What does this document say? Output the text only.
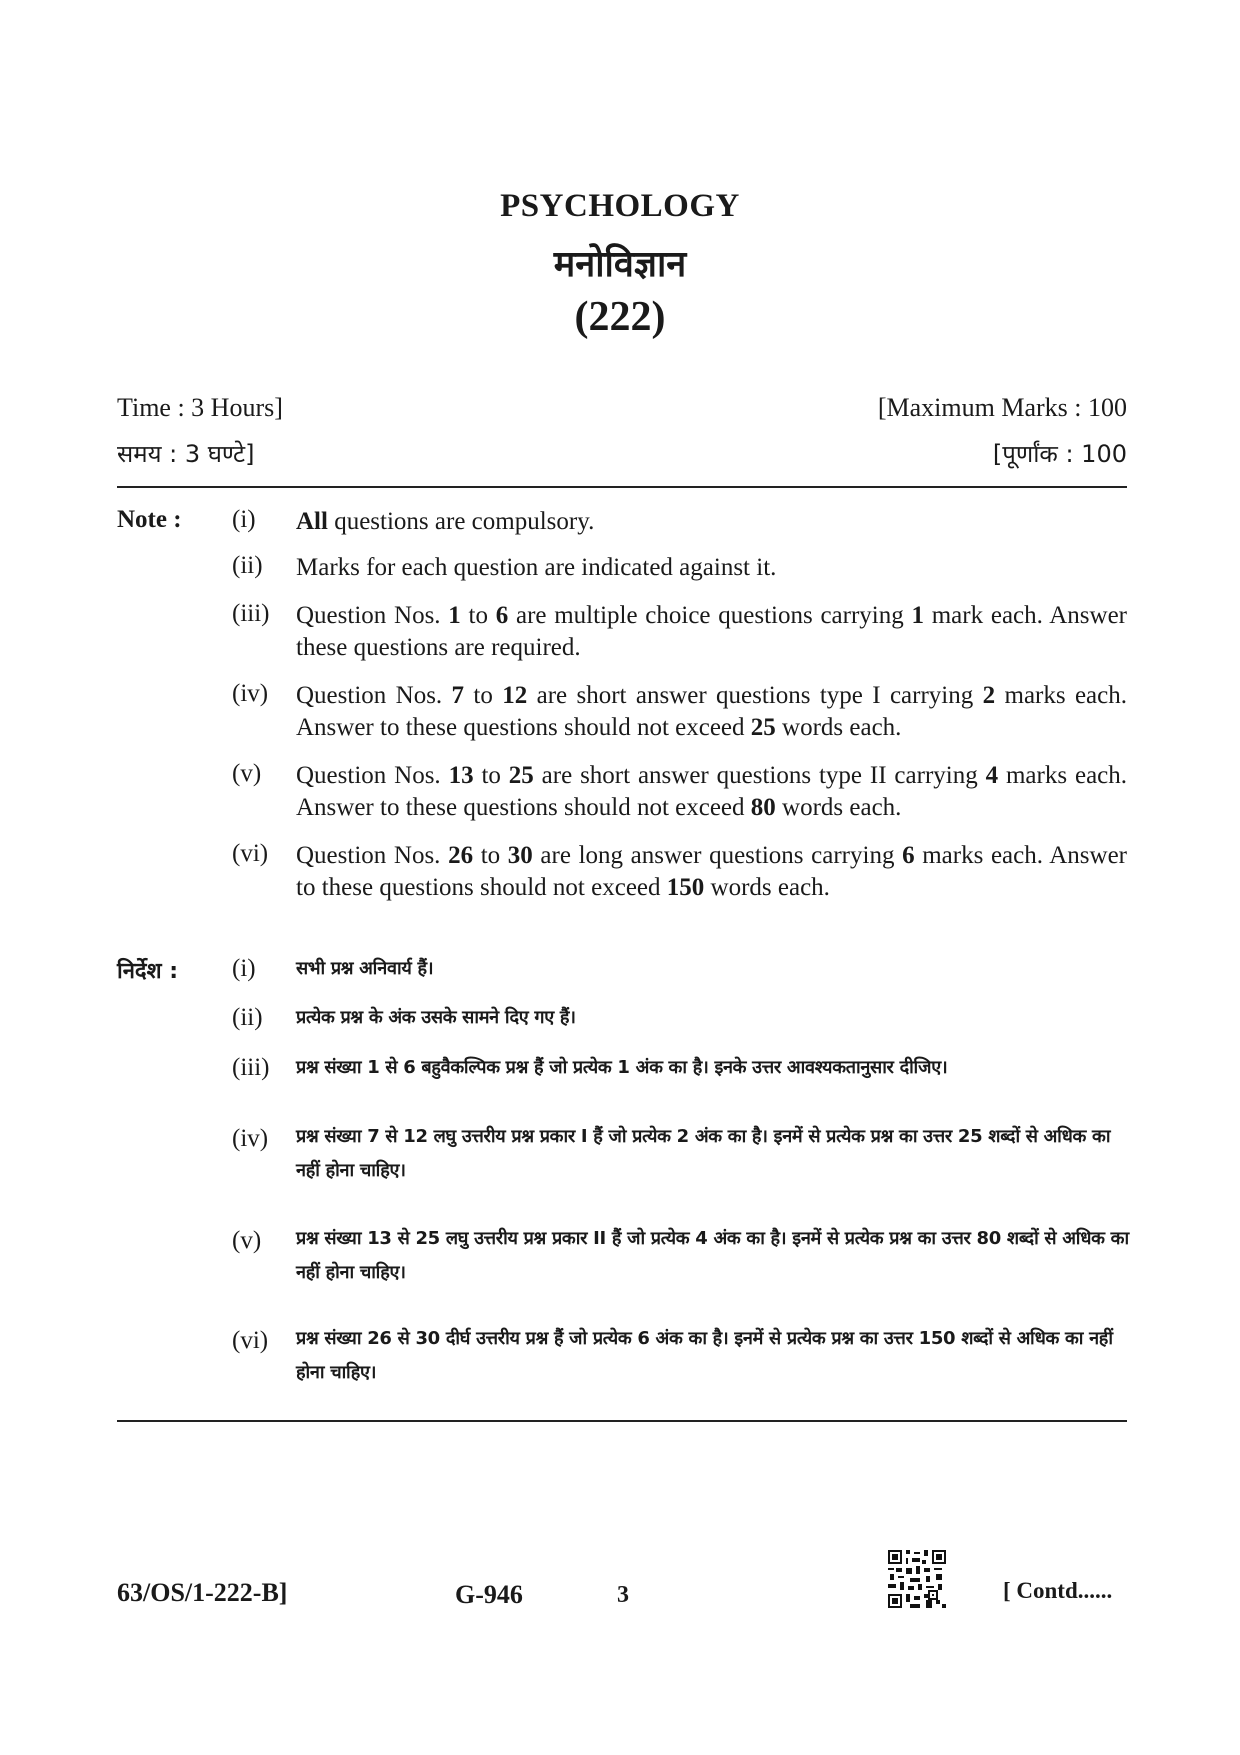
PSYCHOLOGY
मनोविज्ञान
(222)
Time : 3 Hours]	[Maximum Marks : 100
समय : 3 घण्टे]	[पूर्णांक : 100
Note : (i)	All questions are compulsory.
(ii)	Marks for each question are indicated against it.
(iii)	Question Nos. 1 to 6 are multiple choice questions carrying 1 mark each. Answer these questions are required.
(iv)	Question Nos. 7 to 12 are short answer questions type I carrying 2 marks each. Answer to these questions should not exceed 25 words each.
(v)	Question Nos. 13 to 25 are short answer questions type II carrying 4 marks each. Answer to these questions should not exceed 80 words each.
(vi)	Question Nos. 26 to 30 are long answer questions carrying 6 marks each. Answer to these questions should not exceed 150 words each.
निर्देश : (i)	सभी प्रश्न अनिवार्य हैं।
(ii)	प्रत्येक प्रश्न के अंक उसके सामने दिए गए हैं।
(iii)	प्रश्न संख्या 1 से 6 बहुवैकल्पिक प्रश्न हैं जो प्रत्येक 1 अंक का है। इनके उत्तर आवश्यकतानुसार दीजिए।
(iv)	प्रश्न संख्या 7 से 12 लघु उत्तरीय प्रश्न प्रकार I हैं जो प्रत्येक 2 अंक का है। इनमें से प्रत्येक प्रश्न का उत्तर 25 शब्दों से अधिक का नहीं होना चाहिए।
(v)	प्रश्न संख्या 13 से 25 लघु उत्तरीय प्रश्न प्रकार II हैं जो प्रत्येक 4 अंक का है। इनमें से प्रत्येक प्रश्न का उत्तर 80 शब्दों से अधिक का नहीं होना चाहिए।
(vi)	प्रश्न संख्या 26 से 30 दीर्घ उत्तरीय प्रश्न हैं जो प्रत्येक 6 अंक का है। इनमें से प्रत्येक प्रश्न का उत्तर 150 शब्दों से अधिक का नहीं होना चाहिए।
63/OS/1-222-B]	G-946	3	[ Contd......
